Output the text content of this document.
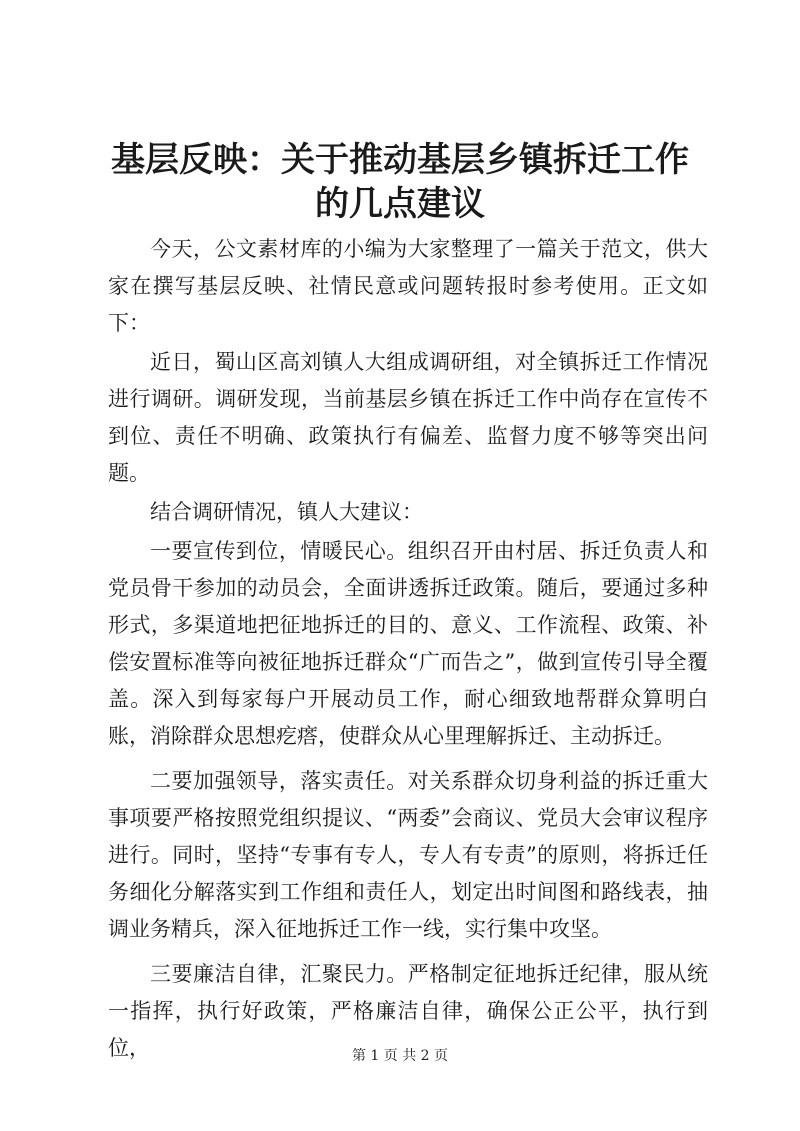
基层反映：关于推动基层乡镇拆迁工作的几点建议

今天，公文素材库的小编为大家整理了一篇关于范文，供大家在撰写基层反映、社情民意或问题转报时参考使用。正文如下：

近日，蜀山区高刘镇人大组成调研组，对全镇拆迁工作情况进行调研。调研发现，当前基层乡镇在拆迁工作中尚存在宣传不到位、责任不明确、政策执行有偏差、监督力度不够等突出问题。

结合调研情况，镇人大建议：

一要宣传到位，情暖民心。组织召开由村居、拆迁负责人和党员骨干参加的动员会，全面讲透拆迁政策。随后，要通过多种形式，多渠道地把征地拆迁的目的、意义、工作流程、政策、补偿安置标准等向被征地拆迁群众“广而告之”，做到宣传引导全覆盖。深入到每家每户开展动员工作，耐心细致地帮群众算明白账，消除群众思想疙瘩，使群众从心里理解拆迁、主动拆迁。

二要加强领导，落实责任。对关系群众切身利益的拆迁重大事项要严格按照党组织提议、“两委”会商议、党员大会审议程序进行。同时，坚持“专事有专人，专人有专责”的原则，将拆迁任务细化分解落实到工作组和责任人，划定出时间图和路线表，抽调业务精兵，深入征地拆迁工作一线，实行集中攻坚。

三要廉洁自律，汇聚民力。严格制定征地拆迁纪律，服从统一指挥，执行好政策，严格廉洁自律，确保公正公平，执行到位，	第 1 页 共 2 页
